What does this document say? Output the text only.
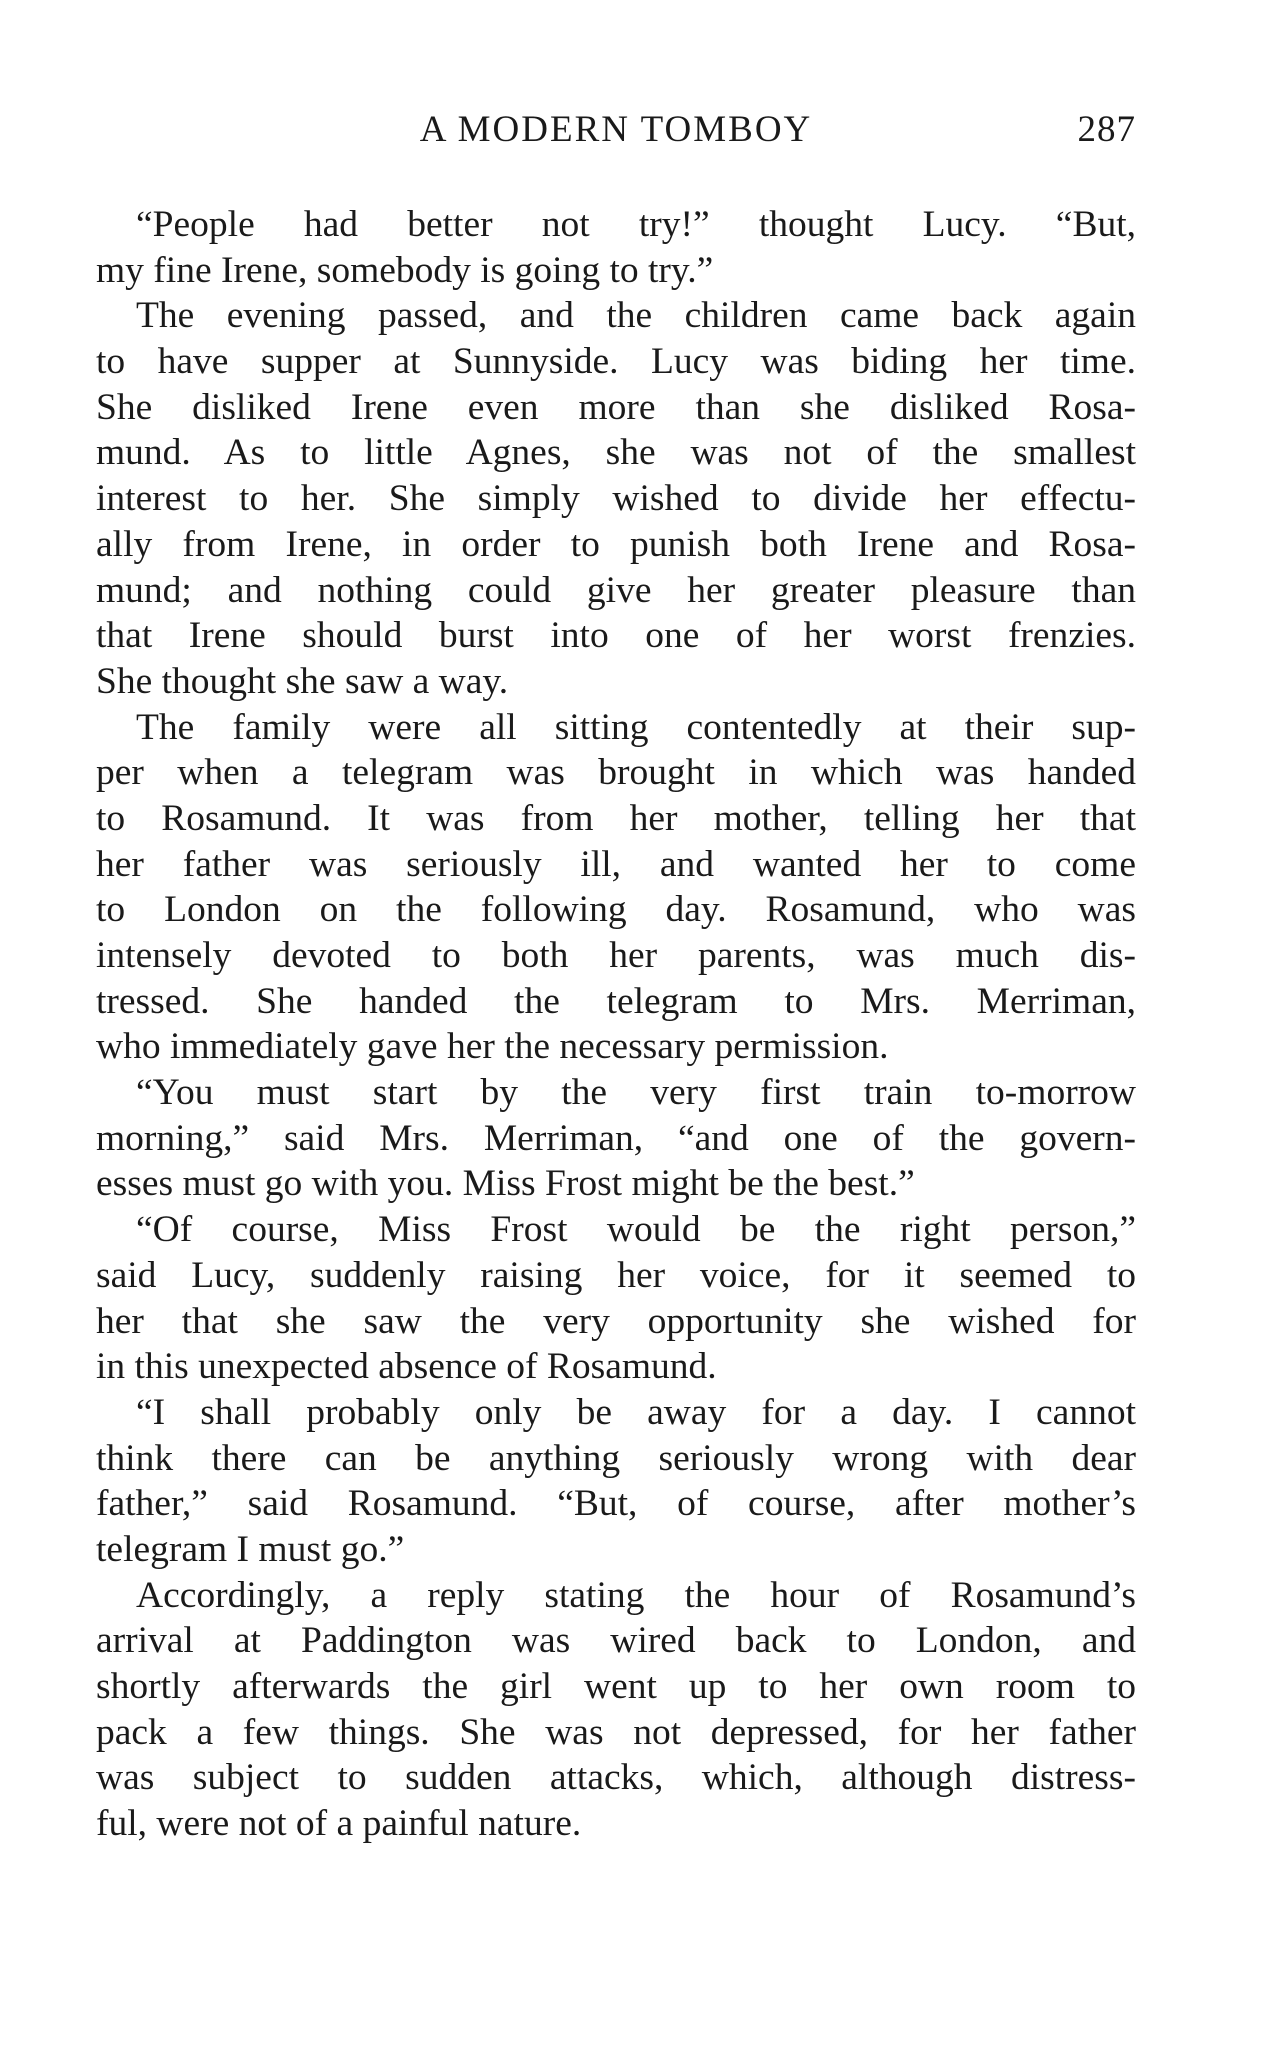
A MODERN TOMBOY	287
“People had better not try!” thought Lucy. “But,
my fine Irene, somebody is going to try.”
The evening passed, and the children came back again
to have supper at Sunnyside. Lucy was biding her time.
She disliked Irene even more than she disliked Rosa-
mund. As to little Agnes, she was not of the smallest
interest to her. She simply wished to divide her effectu-
ally from Irene, in order to punish both Irene and Rosa-
mund; and nothing could give her greater pleasure than
that Irene should burst into one of her worst frenzies.
She thought she saw a way.
The family were all sitting contentedly at their sup-
per when a telegram was brought in which was handed
to Rosamund. It was from her mother, telling her that
her father was seriously ill, and wanted her to come
to London on the following day. Rosamund, who was
intensely devoted to both her parents, was much dis-
tressed. She handed the telegram to Mrs. Merriman,
who immediately gave her the necessary permission.
“You must start by the very first train to-morrow
morning,” said Mrs. Merriman, “and one of the govern-
esses must go with you. Miss Frost might be the best.”
“Of course, Miss Frost would be the right person,”
said Lucy, suddenly raising her voice, for it seemed to
her that she saw the very opportunity she wished for
in this unexpected absence of Rosamund.
“I shall probably only be away for a day. I cannot
think there can be anything seriously wrong with dear
father,” said Rosamund. “But, of course, after mother’s
telegram I must go.”
Accordingly, a reply stating the hour of Rosamund’s
arrival at Paddington was wired back to London, and
shortly afterwards the girl went up to her own room to
pack a few things. She was not depressed, for her father
was subject to sudden attacks, which, although distress-
ful, were not of a painful nature.
